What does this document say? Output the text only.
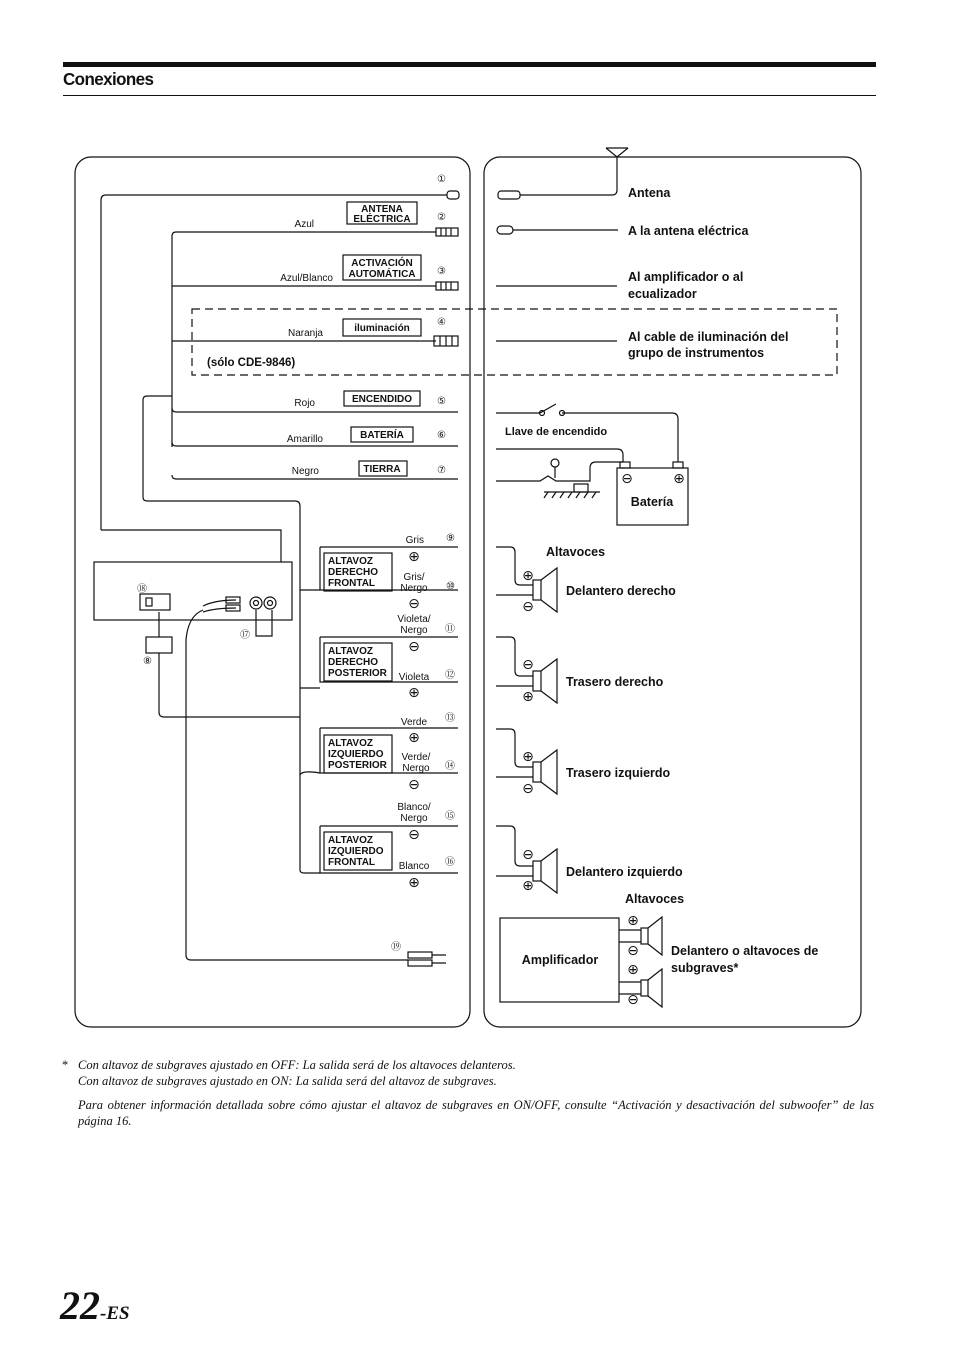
Conexiones
①
Azul
ANTENA
ELÉCTRICA	②
Azul/Blanco
ACTIVACIÓN
AUTOMÁTICA ③
Naranja	iluminación
④
(sólo CDE-9846)
Rojo	ENCENDIDO	⑤
Amarillo	BATERÍA	⑥
Negro	TIERRA	⑦
ALTAVOZ
DERECHO
FRONTAL
ALTAVOZ
DERECHO
POSTERIOR
ALTAVOZ
IZQUIERDO
POSTERIOR
ALTAVOZ
IZQUIERDO
FRONTAL
Gris ⑨
⊕
Gris/
Nergo ⑩
⊖
Violeta/
Nergo ⑪
⊖
Violeta ⑫
⊕
Verde ⑬
⊕
Verde/
Nergo ⑭
⊖
Blanco/
Nergo ⑮
⊖
Blanco ⑯
⊕
⑱
⑧
⑰
⑲
Antena
A la antena eléctrica
Al amplificador o al
ecualizador
Al cable de iluminación del
grupo de instrumentos
Llave de encendido
⊖	⊕
Batería
Altavoces
⊕
⊖
Delantero derecho
⊖
⊕
Trasero derecho
⊕
⊖
Trasero izquierdo
⊖
⊕
Delantero izquierdo
Altavoces
Amplificador
⊕
⊖
⊕
⊖
Delantero o altavoces de
subgraves*
* Con altavoz de subgraves ajustado en OFF: La salida será de los altavoces delanteros.
Con altavoz de subgraves ajustado en ON: La salida será del altavoz de subgraves.
Para obtener información detallada sobre cómo ajustar el altavoz de subgraves en ON/OFF, consulte “Activación y desactivación del subwoofer” de las página 16.
22-ES
